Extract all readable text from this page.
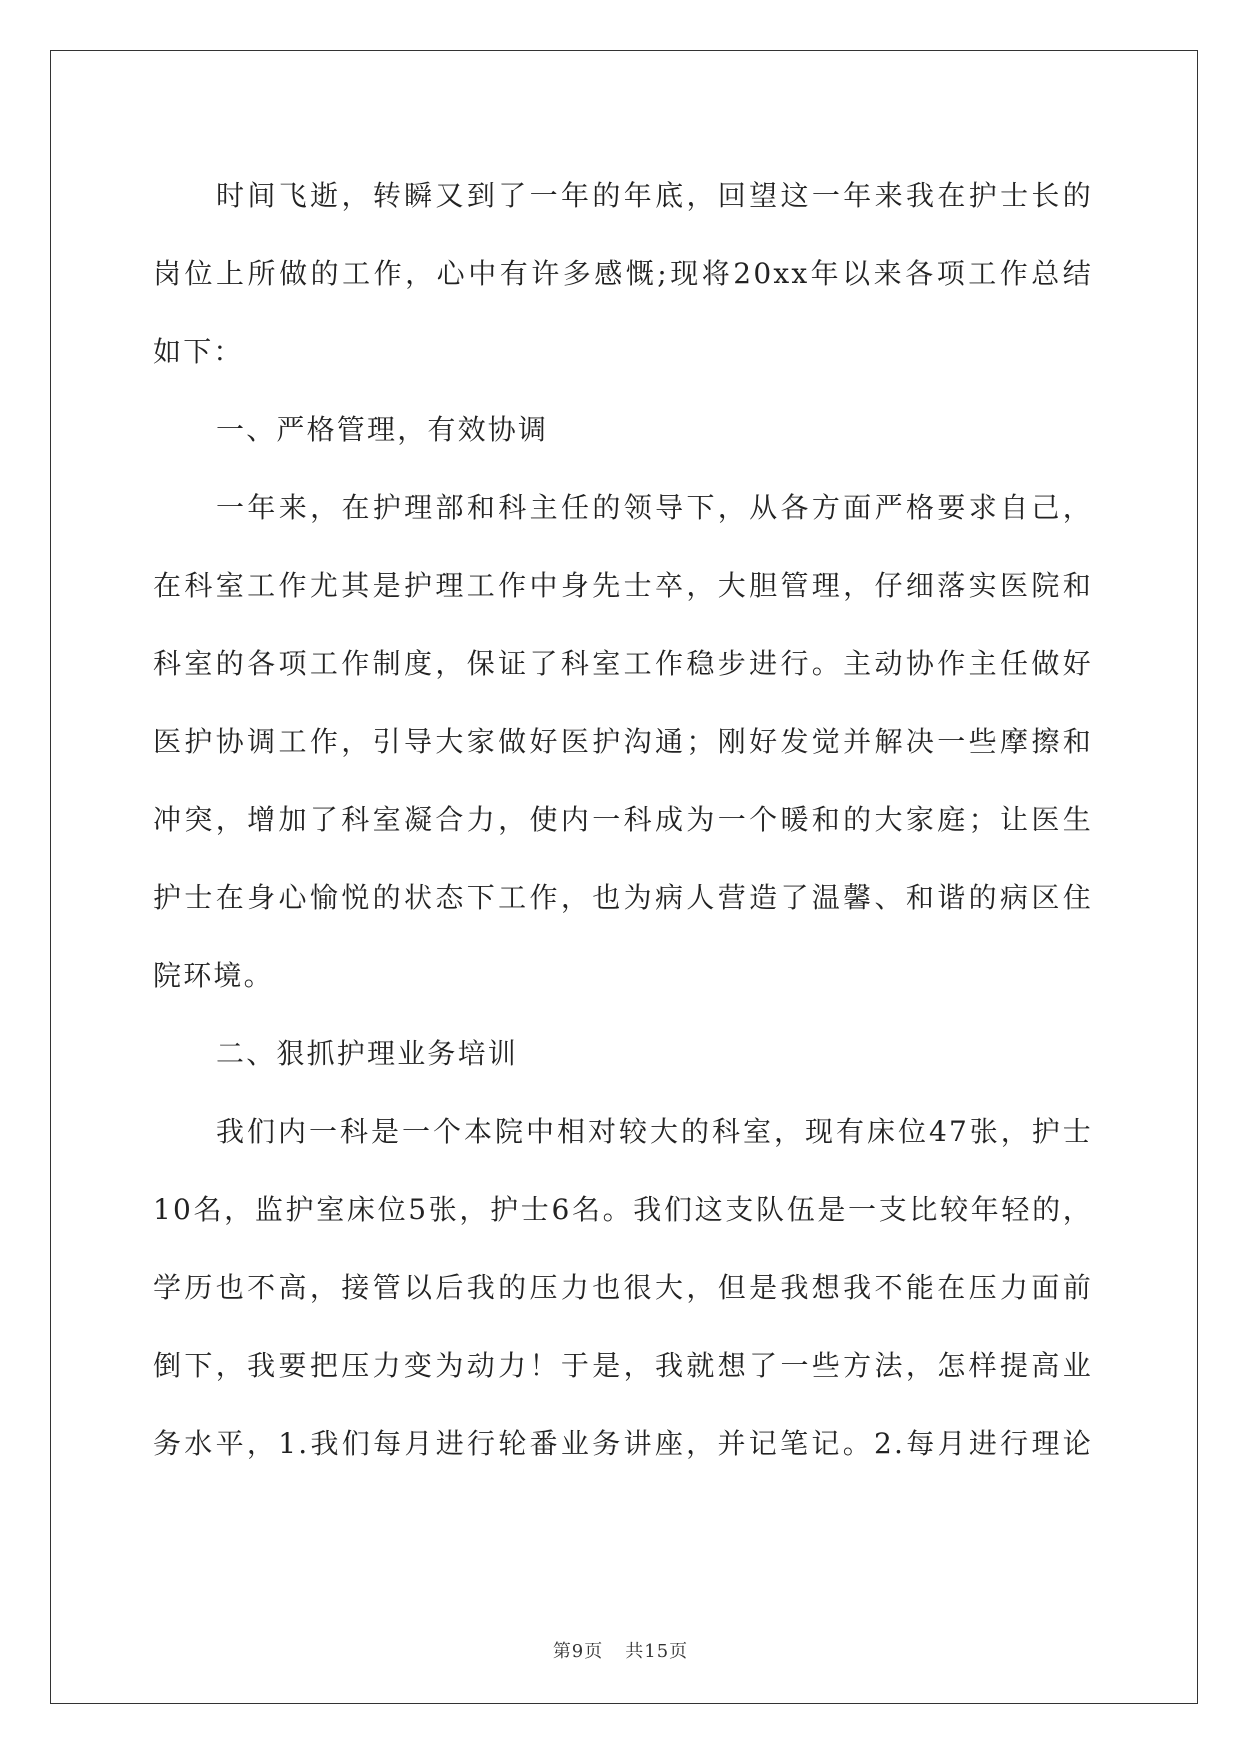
时间飞逝，转瞬又到了一年的年底，回望这一年来我在护士长的
岗位上所做的工作，心中有许多感慨;现将20xx年以来各项工作总结
如下：
一、严格管理，有效协调
一年来，在护理部和科主任的领导下，从各方面严格要求自己，
在科室工作尤其是护理工作中身先士卒，大胆管理，仔细落实医院和
科室的各项工作制度，保证了科室工作稳步进行。主动协作主任做好
医护协调工作，引导大家做好医护沟通；刚好发觉并解决一些摩擦和
冲突，增加了科室凝合力，使内一科成为一个暖和的大家庭；让医生
护士在身心愉悦的状态下工作，也为病人营造了温馨、和谐的病区住
院环境。
二、狠抓护理业务培训
我们内一科是一个本院中相对较大的科室，现有床位47张，护士
10名，监护室床位5张，护士6名。我们这支队伍是一支比较年轻的，
学历也不高，接管以后我的压力也很大，但是我想我不能在压力面前
倒下，我要把压力变为动力！于是，我就想了一些方法，怎样提高业
务水平，1.我们每月进行轮番业务讲座，并记笔记。2.每月进行理论
第9页 共15页
